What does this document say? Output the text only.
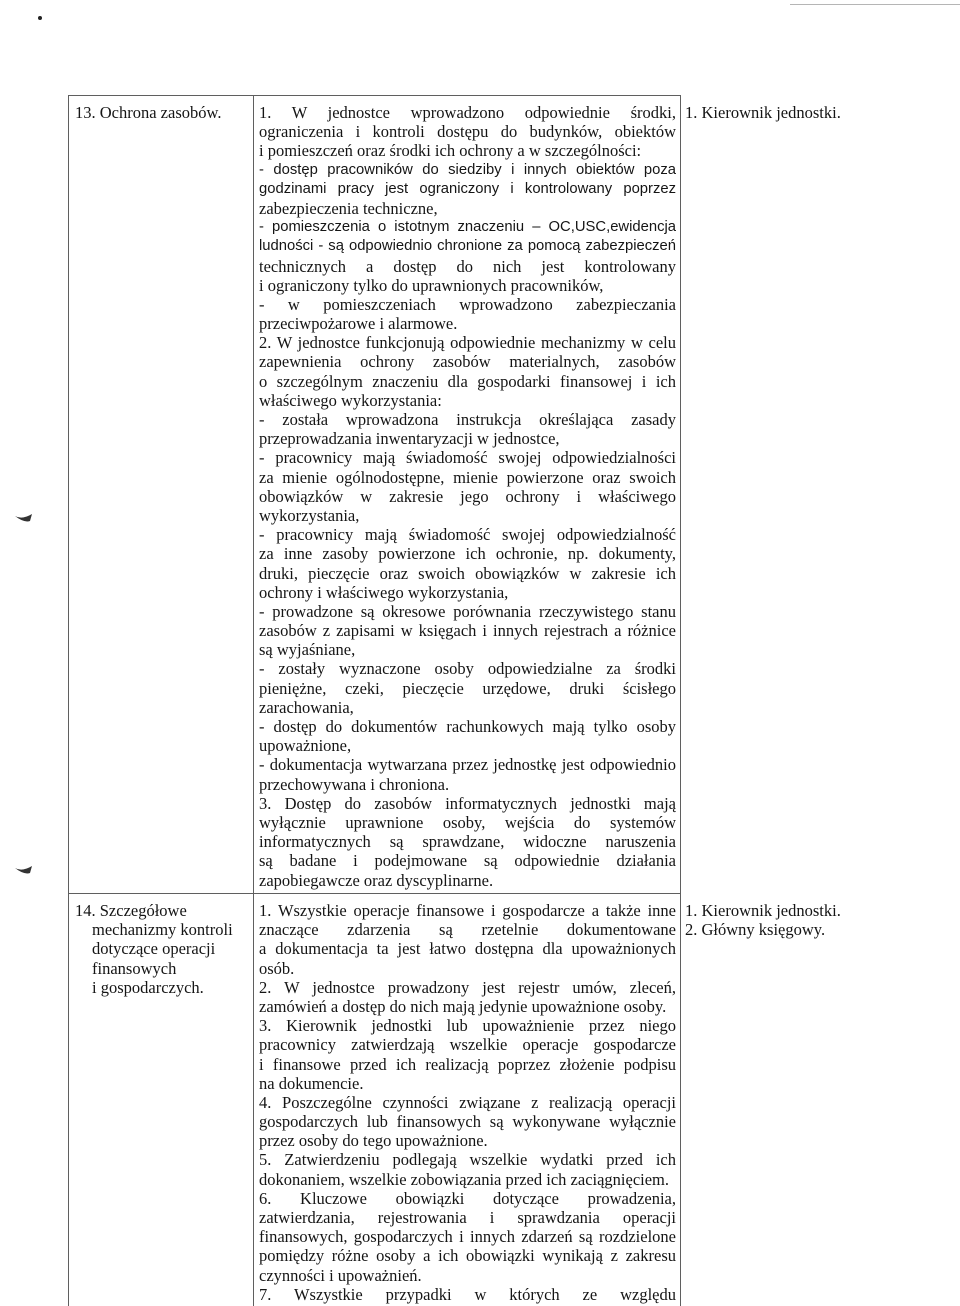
13. Ochrona zasobów.	1. W jednostce wprowadzono odpowiednie środki,
ograniczenia i kontroli dostępu do budynków, obiektów
i pomieszczeń oraz środki ich ochrony a w szczególności:
- dostęp pracowników do siedziby i innych obiektów poza
godzinami pracy jest ograniczony i kontrolowany poprzez
zabezpieczenia techniczne,
- pomieszczenia o istotnym znaczeniu – OC,USC,ewidencja
ludności - są odpowiednio chronione za pomocą zabezpieczeń
technicznych a dostęp do nich jest kontrolowany
i ograniczony tylko do uprawnionych pracowników,
- w pomieszczeniach wprowadzono zabezpieczania
przeciwpożarowe i alarmowe.
2. W jednostce funkcjonują odpowiednie mechanizmy w celu
zapewnienia ochrony zasobów materialnych, zasobów
o szczególnym znaczeniu dla gospodarki finansowej i ich
właściwego wykorzystania:
- została wprowadzona instrukcja określająca zasady
przeprowadzania inwentaryzacji w jednostce,
- pracownicy mają świadomość swojej odpowiedzialności
za mienie ogólnodostępne, mienie powierzone oraz swoich
obowiązków w zakresie jego ochrony i właściwego
wykorzystania,
- pracownicy mają świadomość swojej odpowiedzialność
za inne zasoby powierzone ich ochronie, np. dokumenty,
druki, pieczęcie oraz swoich obowiązków w zakresie ich
ochrony i właściwego wykorzystania,
- prowadzone są okresowe porównania rzeczywistego stanu
zasobów z zapisami w księgach i innych rejestrach a różnice
są wyjaśniane,
- zostały wyznaczone osoby odpowiedzialne za środki
pieniężne, czeki, pieczęcie urzędowe, druki ścisłego
zarachowania,
- dostęp do dokumentów rachunkowych mają tylko osoby
upoważnione,
- dokumentacja wytwarzana przez jednostkę jest odpowiednio
przechowywana i chroniona.
3. Dostęp do zasobów informatycznych jednostki mają
wyłącznie uprawnione osoby, wejścia do systemów
informatycznych są sprawdzane, widoczne naruszenia
są badane i podejmowane są odpowiednie działania
zapobiegawcze oraz dyscyplinarne.
1. Kierownik jednostki.
14. Szczegółowe
mechanizmy kontroli
dotyczące operacji
finansowych
i gospodarczych.
1. Wszystkie operacje finansowe i gospodarcze a także inne
znaczące zdarzenia są rzetelnie dokumentowane
a dokumentacja ta jest łatwo dostępna dla upoważnionych
osób.
2. W jednostce prowadzony jest rejestr umów, zleceń,
zamówień a dostęp do nich mają jedynie upoważnione osoby.
3. Kierownik jednostki lub upoważnienie przez niego
pracownicy zatwierdzają wszelkie operacje gospodarcze
i finansowe przed ich realizacją poprzez złożenie podpisu
na dokumencie.
4. Poszczególne czynności związane z realizacją operacji
gospodarczych lub finansowych są wykonywane wyłącznie
przez osoby do tego upoważnione.
5. Zatwierdzeniu podlegają wszelkie wydatki przed ich
dokonaniem, wszelkie zobowiązania przed ich zaciągnięciem.
6. Kluczowe obowiązki dotyczące prowadzenia,
zatwierdzania, rejestrowania i sprawdzania operacji
finansowych, gospodarczych i innych zdarzeń są rozdzielone
pomiędzy różne osoby a ich obowiązki wynikają z zakresu
czynności i upoważnień.
7. Wszystkie przypadki w których ze względu
1. Kierownik jednostki.
2. Główny księgowy.
